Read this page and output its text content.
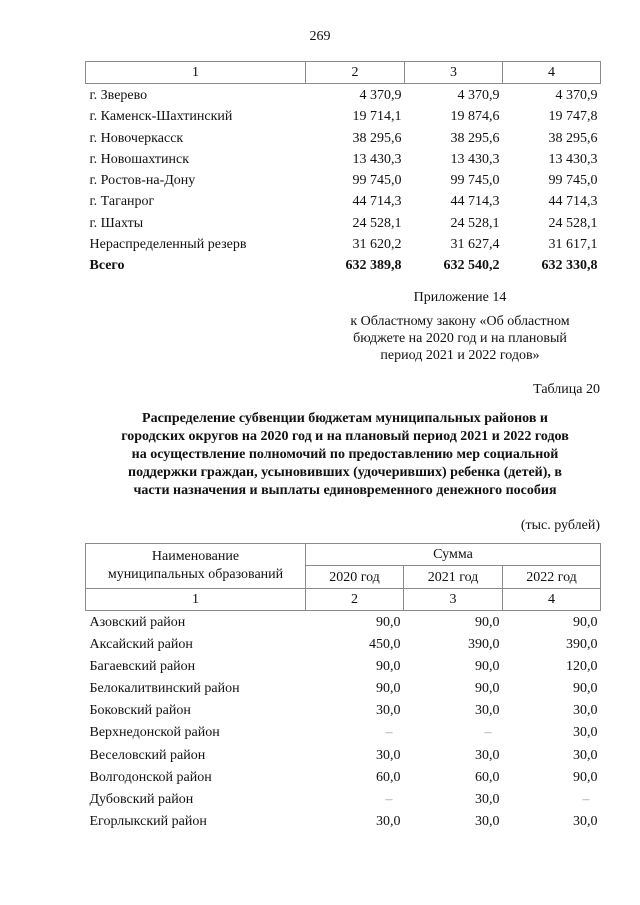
269
1	2	3	4
г. Зверево	4 370,9	4 370,9	4 370,9
г. Каменск-Шахтинский	19 714,1	19 874,6	19 747,8
г. Новочеркасск	38 295,6	38 295,6	38 295,6
г. Новошахтинск	13 430,3	13 430,3	13 430,3
г. Ростов-на-Дону	99 745,0	99 745,0	99 745,0
г. Таганрог	44 714,3	44 714,3	44 714,3
г. Шахты	24 528,1	24 528,1	24 528,1
Нераспределенный резерв	31 620,2	31 627,4	31 617,1
Всего	632 389,8	632 540,2	632 330,8
Приложение 14
к Областному закону «Об областном
бюджете на 2020 год и на плановый
период 2021 и 2022 годов»
Таблица 20
Распределение субвенции бюджетам муниципальных районов и
городских округов на 2020 год и на плановый период 2021 и 2022 годов
на осуществление полномочий по предоставлению мер социальной
поддержки граждан, усыновивших (удочеривших) ребенка (детей), в
части назначения и выплаты единовременного денежного пособия
(тыс. рублей)
Наименование
муниципальных образований	Сумма		
	2020 год	2021 год	2022 год
1	2	3	4
Азовский район	90,0	90,0	90,0
Аксайский район	450,0	390,0	390,0
Багаевский район	90,0	90,0	120,0
Белокалитвинский район	90,0	90,0	90,0
Боковский район	30,0	30,0	30,0
Верхнедонской район	–	–	30,0
Веселовский район	30,0	30,0	30,0
Волгодонской район	60,0	60,0	90,0
Дубовский район	–	30,0	–
Егорлыкский район	30,0	30,0	30,0
